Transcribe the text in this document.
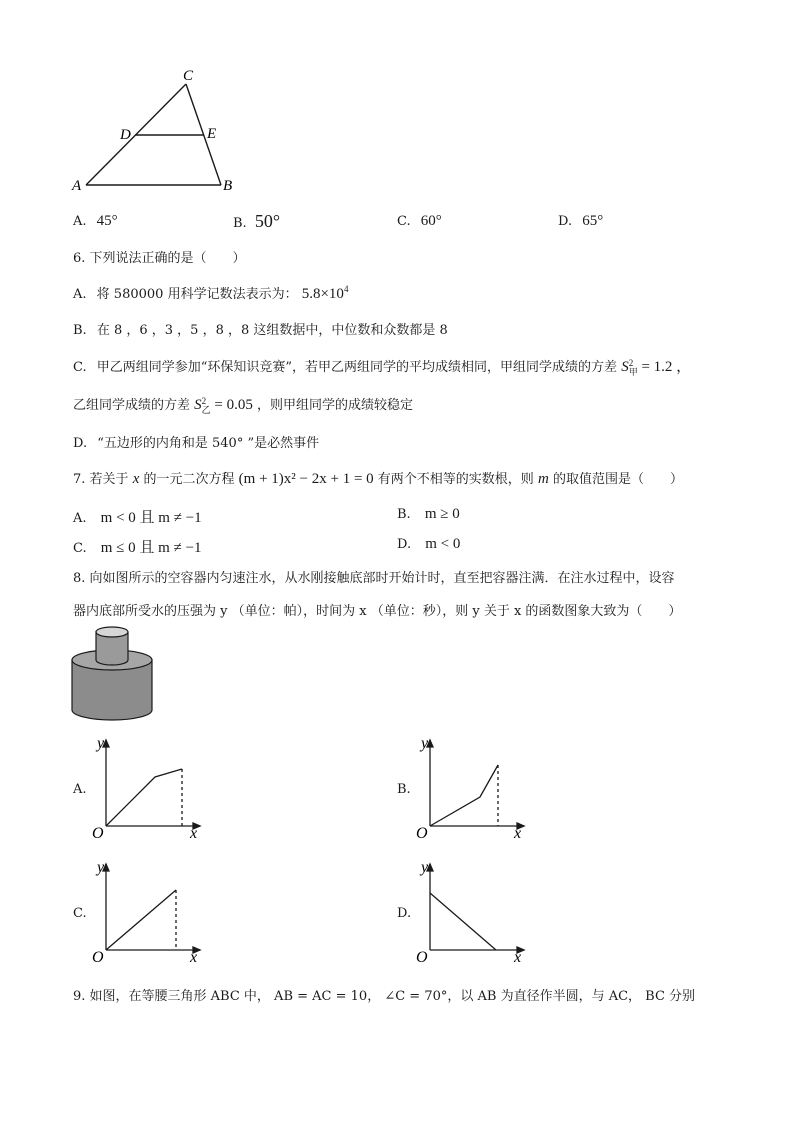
C
D	E
A	B
A. 45°	B. 50°	C. 60°	D. 65°
6. 下列说法正确的是（　　）
A. 将 580000 用科学记数法表示为： $5.8\times 10^4$
B. 在 8 ，6 ，3 ，5 ，8 ，8 这组数据中，中位数和众数都是 8
C. 甲乙两组同学参加“环保知识竞赛”，若甲乙两组同学的平均成绩相同，甲组同学成绩的方差 S 2
甲 = 1.2 ，
乙组同学成绩的方差 S 2
乙 = 0.05 ，则甲组同学的成绩较稳定
D. “五边形的内角和是 540° ”是必然事件
7. 若关于 x 的一元二次方程 (m + 1)x² − 2x + 1 = 0 有两个不相等的实数根，则 m 的取值范围是（　　）
A. m < 0 且 m ≠ −1	B. m ≥ 0
C. m ≤ 0 且 m ≠ −1	D. m < 0
8. 向如图所示的空容器内匀速注水，从水刚接触底部时开始计时，直至把容器注满．在注水过程中，设容
器内底部所受水的压强为 y （单位：帕），时间为 x （单位：秒），则 y 关于 x 的函数图象大致为（　　）
A.
y
O	x
B.
y
O	x
C.
y
O	x
D.
y
O	x
9. 如图，在等腰三角形 ABC 中， AB = AC = 10， ∠C = 70°，以 AB 为直径作半圆，与 AC， BC 分别
